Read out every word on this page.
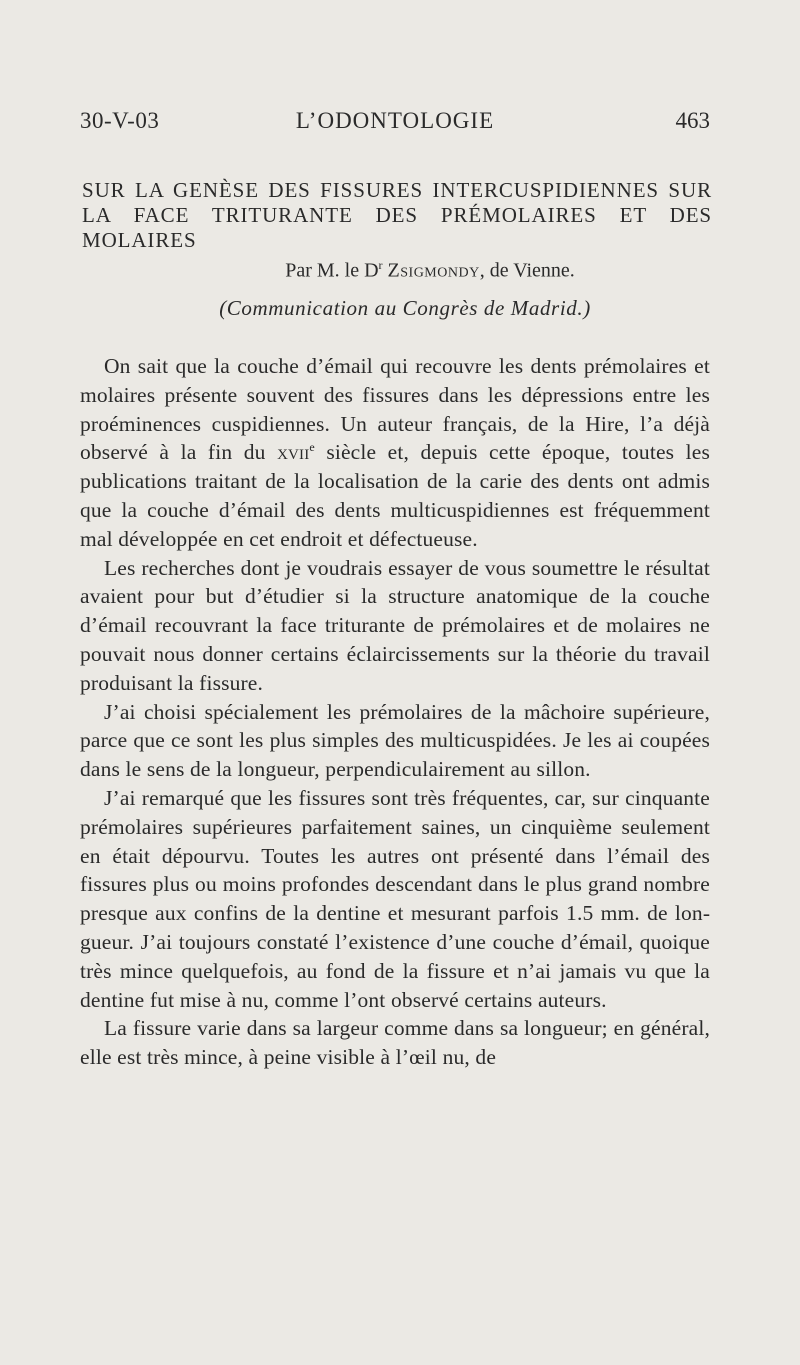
30-V-03	L’ODONTOLOGIE	463
SUR LA GENÈSE DES FISSURES INTERCUSPIDIENNES SUR LA FACE TRITURANTE DES PRÉMOLAIRES ET DES MOLAIRES
Par M. le $D^r$ Zsigmondy, de Vienne.
(Communication au Congrès de Madrid.)

On sait que la couche d’émail qui recouvre les dents prémolaires et molaires présente souvent des fissures dans les dépressions entre les proéminences cuspidiennes. Un auteur français, de la Hire, l’a déjà observé à la fin du xvii$^e$ siècle et, depuis cette époque, toutes les publications traitant de la localisation de la carie des dents ont admis que la couche d’émail des dents multicuspidiennes est fréquemment mal développée en cet endroit et défectueuse.

Les recherches dont je voudrais essayer de vous soumettre le résultat avaient pour but d’étudier si la structure anatomique de la couche d’émail recouvrant la face triturante de prémolaires et de molaires ne pouvait nous donner certains éclaircissements sur la théorie du travail produisant la fissure.

J’ai choisi spécialement les prémolaires de la mâchoire supérieure, parce que ce sont les plus simples des multicuspidées. Je les ai coupées dans le sens de la longueur, perpendiculairement au sillon.

J’ai remarqué que les fissures sont très fréquentes, car, sur cinquante prémolaires supérieures parfaitement saines, un cinquième seulement en était dépourvu. Toutes les autres ont présenté dans l’émail des fissures plus ou moins profondes descendant dans le plus grand nombre presque aux confins de la dentine et mesurant parfois 1.5 mm. de longueur. J’ai toujours constaté l’existence d’une couche d’émail, quoique très mince quelquefois, au fond de la fissure et n’ai jamais vu que la dentine fut mise à nu, comme l’ont observé certains auteurs.

La fissure varie dans sa largeur comme dans sa longueur; en général, elle est très mince, à peine visible à l’œil nu, de
